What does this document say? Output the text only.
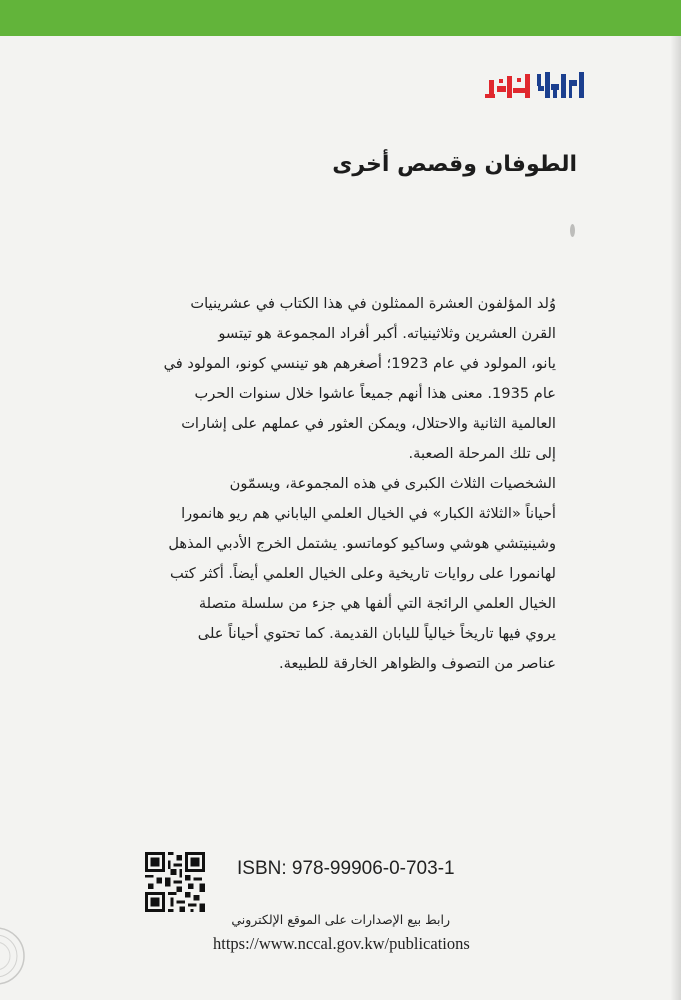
الطوفان وقصص أخرى
وُلد المؤلفون العشرة الممثلون في هذا الكتاب في عشرينيات
القرن العشرين وثلاثينياته. أكبر أفراد المجموعة هو تيتسو
يانو، المولود في عام 1923؛ أصغرهم هو تينسي كونو، المولود في
عام 1935. معنى هذا أنهم جميعاً عاشوا خلال سنوات الحرب
العالمية الثانية والاحتلال، ويمكن العثور في عملهم على إشارات
إلى تلك المرحلة الصعبة.
الشخصيات الثلاث الكبرى في هذه المجموعة، ويسمّون
أحياناً «الثلاثة الكبار» في الخيال العلمي الياباني هم ريو هانمورا
وشينيتشي هوشي وساكيو كوماتسو. يشتمل الخرج الأدبي المذهل
لهانمورا على روايات تاريخية وعلى الخيال العلمي أيضاً. أكثر كتب
الخيال العلمي الرائجة التي ألفها هي جزء من سلسلة متصلة
يروي فيها تاريخاً خيالياً لليابان القديمة. كما تحتوي أحياناً على
عناصر من التصوف والظواهر الخارقة للطبيعة.
ISBN: 978-99906-0-703-1
رابط بيع الإصدارات على الموقع الإلكتروني
https://www.nccal.gov.kw/publications
